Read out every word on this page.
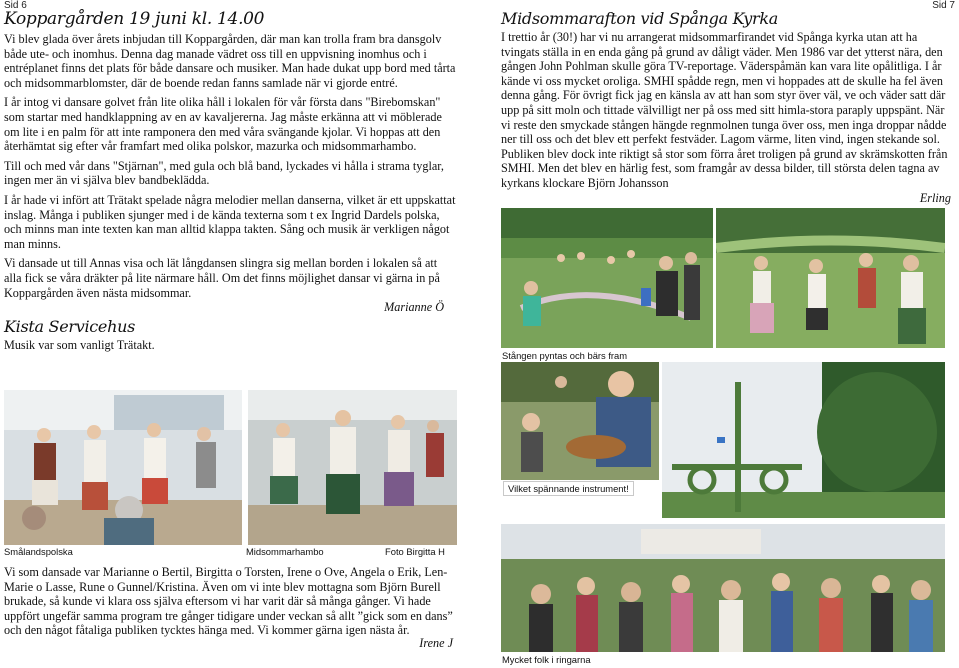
Sid 6	Sid 7
Koppargården 19 juni kl. 14.00

Vi blev glada över årets inbjudan till Koppargården, där man kan trolla fram bra dansgolv både ute- och inomhus. Denna dag manade vädret oss till en uppvisning inomhus och i entréplanet finns det plats för både dansare och musiker. Man hade dukat upp bord med tårta och midsommarblomster, där de boende redan fanns samlade när vi gjorde entré.

I år intog vi dansare golvet från lite olika håll i lokalen för vår första dans "Birebomskan" som startar med handklappning av en av kavaljererna. Jag måste erkänna att vi möblerade om lite i en palm för att inte ramponera den med våra svängande kjolar. Vi hoppas att den återhämtat sig efter vår framfart med olika polskor, mazurka och midsommarhambo.

Till och med vår dans "Stjärnan", med gula och blå band, lyckades vi hålla i strama tyglar, ingen mer än vi själva blev bandbeklädda.

I år hade vi infört att Trätakt spelade några melodier mellan danserna, vilket är ett uppskattat inslag. Många i publiken sjunger med i de kända texterna som t ex Ingrid Dardels polska, och minns man inte texten kan man alltid klappa takten. Sång och musik är verkligen något man minns.

Vi dansade ut till Annas visa och lät långdansen slingra sig mellan borden i lokalen så att alla fick se våra dräkter på lite närmare håll. Om det finns möjlighet dansar vi gärna in på Koppargården även nästa midsommar.

Marianne Ö
Kista Servicehus

Musik var som vanligt Trätakt.

Smålandspolska	Midsommarhambo	Foto Birgitta H

Vi som dansade var Marianne o Bertil, Birgitta o Torsten, Irene o Ove, Angela o Erik, Len-Marie o Lasse, Rune o Gunnel/Kristina. Även om vi inte blev mottagna som Björn Burell brukade, så kunde vi klara oss själva eftersom vi har varit där så många gånger. Vi hade uppfört ungefär samma program tre gånger tidigare under veckan så allt ”gick som en dans” och den något fåtaliga publiken tycktes hänga med. Vi kommer gärna igen nästa år.

Irene J
Midsommarafton vid Spånga Kyrka

I trettio år (30!) har vi nu arrangerat midsommarfirandet vid Spånga kyrka utan att ha tvingats ställa in en enda gång på grund av dåligt väder. Men 1986 var det ytterst nära, den gången John Pohlman skulle göra TV-reportage. Väderspåmän kan vara lite opålitliga. I år kände vi oss mycket oroliga. SMHI spådde regn, men vi hoppades att de skulle ha fel även denna gång. För övrigt fick jag en känsla av att han som styr över väl, ve och väder satt där upp på sitt moln och tittade välvilligt ner på oss med sitt himla-stora paraply uppspänt. När vi reste den smyckade stången hängde regnmolnen tunga över oss, men inga droppar nådde ner till oss och det blev ett perfekt festväder. Lagom värme, liten vind, ingen stekande sol. Publiken blev dock inte riktigt så stor som förra året troligen på grund av skrämskotten från SMHI. Men det blev en härlig fest, som framgår av dessa bilder, till största delen tagna av kyrkans klockare Björn Johansson

Erling
Stången pyntas och bärs fram
Vilket spännande instrument!
Mycket folk i ringarna
